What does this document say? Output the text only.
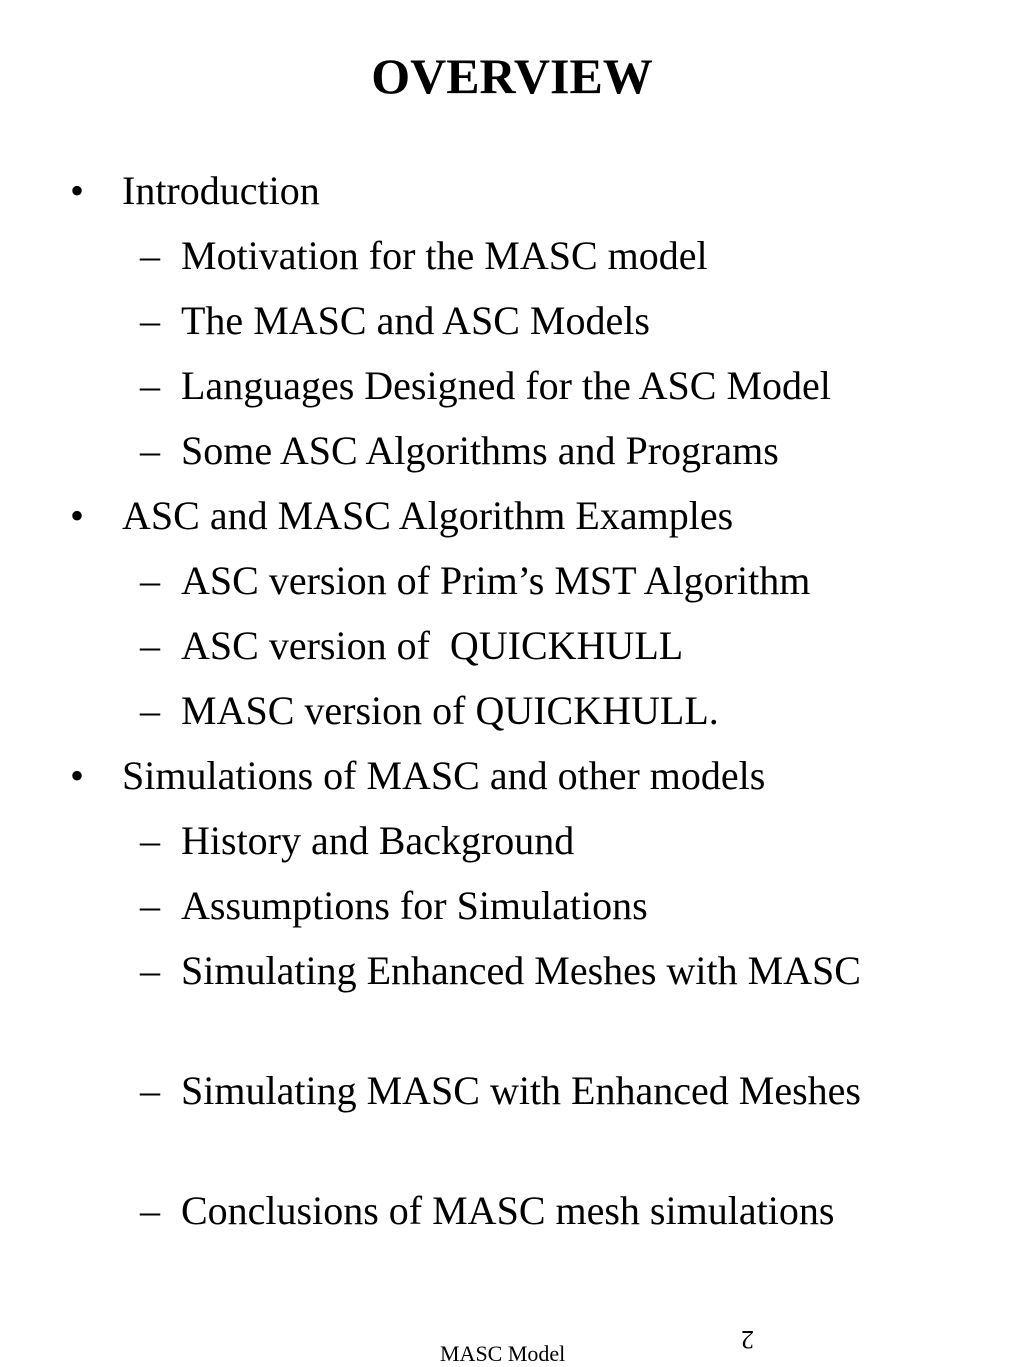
OVERVIEW
• Introduction
– Motivation for the MASC model
– The MASC and ASC Models
– Languages Designed for the ASC Model
– Some ASC Algorithms and Programs
• ASC and MASC Algorithm Examples
– ASC version of Prim’s MST Algorithm
– ASC version of  QUICKHULL
– MASC version of QUICKHULL.
• Simulations of MASC and other models
– History and Background
– Assumptions for Simulations
– Simulating Enhanced Meshes with MASC
– Simulating MASC with Enhanced Meshes
– Conclusions of MASC mesh simulations
MASC Model	2
